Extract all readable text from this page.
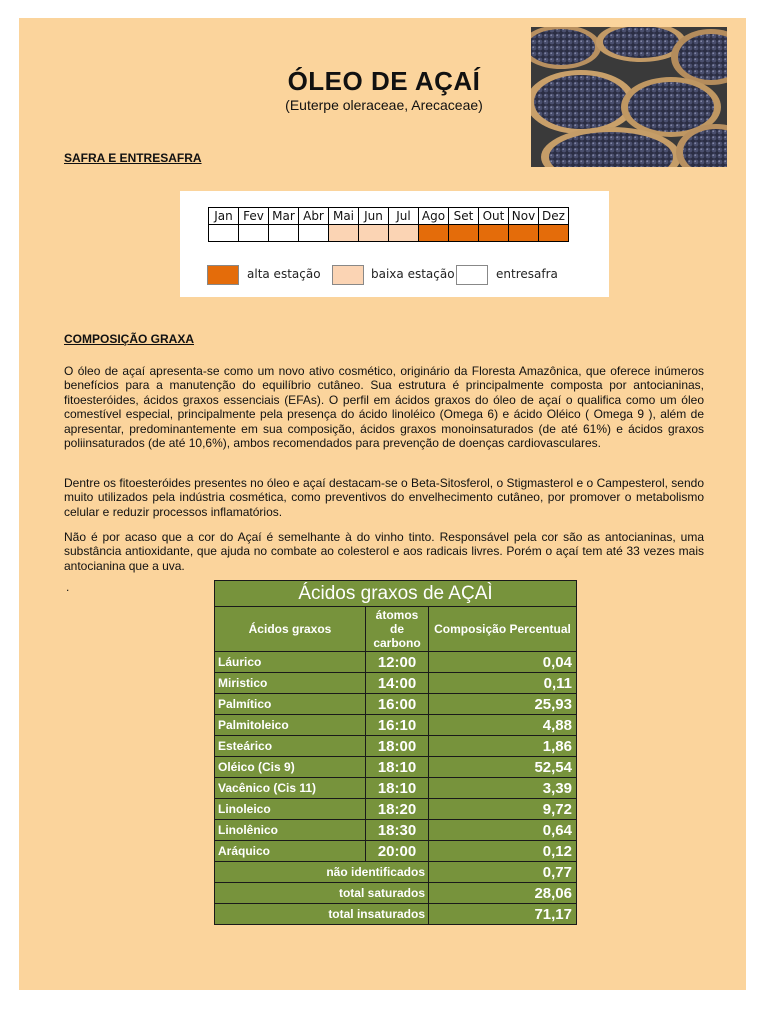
ÓLEO DE AÇAÍ
(Euterpe oleraceae, Arecaceae)
SAFRA E ENTRESAFRA
Jan	Fev	Mar	Abr	Mai	Jun	Jul	Ago	Set	Out	Nov	Dez

alta estação	baixa estação	entresafra
COMPOSIÇÃO GRAXA
O óleo de açaí apresenta-se como um novo ativo cosmético, originário da Floresta Amazônica, que oferece inúmeros benefícios para a manutenção do equilíbrio cutâneo. Sua estrutura é principalmente composta por antocianinas, fitoesteróides, ácidos graxos essenciais (EFAs). O perfil em ácidos graxos do óleo de açaí o qualifica como um óleo comestível especial, principalmente pela presença do ácido linoléico (Omega 6) e ácido Oléico ( Omega 9 ), além de apresentar, predominantemente em sua composição, ácidos graxos monoinsaturados (de até 61%) e ácidos graxos poliinsaturados (de até 10,6%), ambos recomendados para prevenção de doenças cardiovasculares.
Dentre os fitoesteróides presentes no óleo e açaí destacam-se o Beta-Sitosferol, o Stigmasterol e o Campesterol, sendo muito utilizados pela indústria cosmética, como preventivos do envelhecimento cutâneo, por promover o metabolismo celular e reduzir processos inflamatórios.
Não é por acaso que a cor do Açaí é semelhante à do vinho tinto. Responsável pela cor são as antocianinas, uma substância antioxidante, que ajuda no combate ao colesterol e aos radicais livres. Porém o açaí tem até 33 vezes mais antocianina que a uva.
.	Ácidos graxos de AÇAÌ		
Ácidos graxos	átomos de carbono	Composição Percentual
Láurico	12:00	0,04
Miristico	14:00	0,11
Palmítico	16:00	25,93
Palmitoleico	16:10	4,88
Esteárico	18:00	1,86
Oléico (Cis 9)	18:10	52,54
Vacênico (Cis 11)	18:10	3,39
Linoleico	18:20	9,72
Linolênico	18:30	0,64
Aráquico	20:00	0,12
não identificados		0,77
total saturados		28,06
total insaturados		71,17
